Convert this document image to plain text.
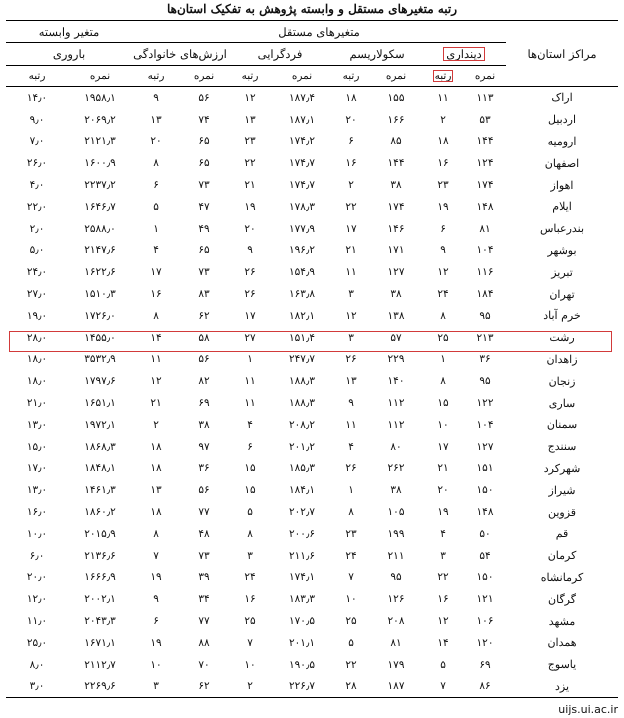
رتبه متغیرهای مستقل و وابسته پژوهش به تفکیک استان‌ها
مراکز استان‌ها	متغیرهای مستقل								متغیر وابسته	
	دینداری		سکولاریسم		فردگرایی		ارزش‌های خانوادگی		باروری	
	نمره	رتبه	نمره	رتبه	نمره	رتبه	نمره	رتبه	نمره	رتبه
اراک	۱۱۳	۱۱	۱۵۵	۱۸	۱۸۷٫۴	۱۲	۵۶	۹	۱۹۵۸٫۱	۱۴٫۰
اردبیل	۵۳	۲	۱۶۶	۲۰	۱۸۷٫۱	۱۳	۷۴	۱۳	۲۰۶۹٫۲	۹٫۰
ارومیه	۱۴۴	۱۸	۸۵	۶	۱۷۴٫۲	۲۳	۶۵	۲۰	۲۱۲۱٫۳	۷٫۰
اصفهان	۱۲۴	۱۶	۱۴۴	۱۶	۱۷۴٫۷	۲۲	۶۵	۸	۱۶۰۰٫۹	۲۶٫۰
اهواز	۱۷۴	۲۳	۳۸	۲	۱۷۴٫۷	۲۱	۷۳	۶	۲۲۳۷٫۲	۴٫۰
ایلام	۱۴۸	۱۹	۱۷۴	۲۲	۱۷۸٫۳	۱۹	۴۷	۵	۱۶۴۶٫۷	۲۲٫۰
بندرعباس	۸۱	۶	۱۴۶	۱۷	۱۷۷٫۹	۲۰	۴۹	۱	۲۵۸۸٫۰	۲٫۰
بوشهر	۱۰۴	۹	۱۷۱	۲۱	۱۹۶٫۲	۹	۶۵	۴	۲۱۴۷٫۶	۵٫۰
تبریز	۱۱۶	۱۲	۱۲۷	۱۱	۱۵۴٫۹	۲۶	۷۳	۱۷	۱۶۲۲٫۶	۲۴٫۰
تهران	۱۸۴	۲۴	۳۸	۳	۱۶۳٫۸	۲۶	۸۳	۱۶	۱۵۱۰٫۳	۲۷٫۰
خرم آباد	۹۵	۸	۱۳۸	۱۲	۱۸۲٫۱	۱۷	۶۲	۸	۱۷۲۶٫۰	۱۹٫۰
رشت	۲۱۳	۲۵	۵۷	۳	۱۵۱٫۴	۲۷	۵۸	۱۴	۱۴۵۵٫۰	۲۸٫۰
زاهدان	۳۶	۱	۲۲۹	۲۶	۲۴۷٫۷	۱	۵۶	۱۱	۳۵۳۲٫۹	۱۸٫۰
زنجان	۹۵	۸	۱۴۰	۱۳	۱۸۸٫۳	۱۱	۸۲	۱۲	۱۷۹۷٫۶	۱۸٫۰
ساری	۱۲۲	۱۵	۱۱۲	۹	۱۸۸٫۳	۱۱	۶۹	۲۱	۱۶۵۱٫۱	۲۱٫۰
سمنان	۱۰۴	۱۰	۱۱۲	۱۱	۲۰۸٫۲	۴	۳۸	۲	۱۹۷۲٫۱	۱۳٫۰
سنندج	۱۲۷	۱۷	۸۰	۴	۲۰۱٫۲	۶	۹۷	۱۸	۱۸۶۸٫۳	۱۵٫۰
شهرکرد	۱۵۱	۲۱	۲۶۲	۲۶	۱۸۵٫۳	۱۵	۳۶	۱۸	۱۸۴۸٫۱	۱۷٫۰
شیراز	۱۵۰	۲۰	۳۸	۱	۱۸۴٫۱	۱۵	۵۶	۱۳	۱۴۶۱٫۳	۱۳٫۰
قزوین	۱۴۸	۱۹	۱۰۵	۸	۲۰۲٫۷	۵	۷۷	۱۸	۱۸۶۰٫۲	۱۶٫۰
قم	۵۰	۴	۱۹۹	۲۳	۲۰۰٫۶	۸	۴۸	۸	۲۰۱۵٫۹	۱۰٫۰
کرمان	۵۴	۳	۲۱۱	۲۴	۲۱۱٫۶	۳	۷۳	۷	۲۱۳۶٫۶	۶٫۰
کرمانشاه	۱۵۰	۲۲	۹۵	۷	۱۷۴٫۱	۲۴	۳۹	۱۹	۱۶۶۶٫۹	۲۰٫۰
گرگان	۱۲۱	۱۶	۱۲۶	۱۰	۱۸۳٫۳	۱۶	۳۴	۹	۲۰۰۲٫۱	۱۲٫۰
مشهد	۱۰۶	۱۲	۲۰۸	۲۵	۱۷۰٫۵	۲۵	۷۷	۶	۲۰۴۳٫۳	۱۱٫۰
همدان	۱۲۰	۱۴	۸۱	۵	۲۰۱٫۱	۷	۸۸	۱۹	۱۶۷۱٫۱	۲۵٫۰
یاسوج	۶۹	۵	۱۷۹	۲۲	۱۹۰٫۵	۱۰	۷۰	۱۰	۲۱۱۲٫۷	۸٫۰
یزد	۸۶	۷	۱۸۷	۲۸	۲۲۶٫۷	۲	۶۲	۳	۲۲۶۹٫۶	۳٫۰
uijs.ui.ac.ir
